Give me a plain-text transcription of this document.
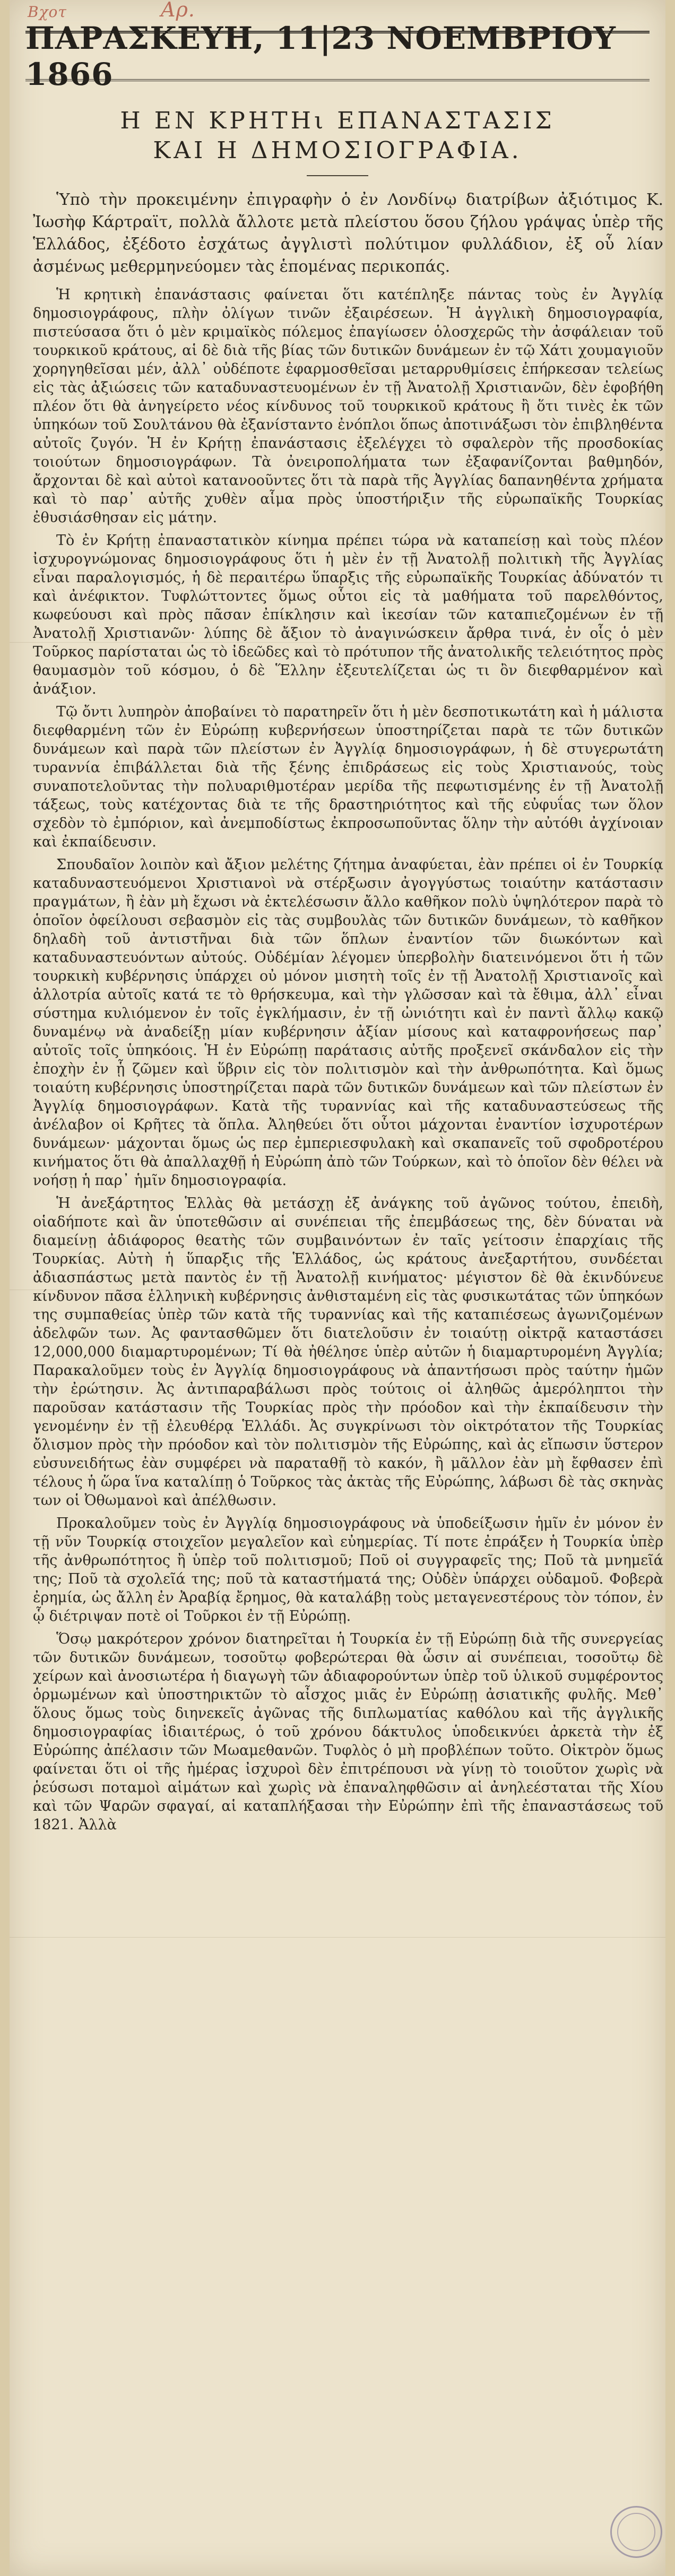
Βχοτ	Αρ.
ΠΑΡΑΣΚΕΥΗ, 11|23 ΝΟΕΜΒΡΙΟΥ 1866
Η ΕΝ ΚΡΗΤΗι ΕΠΑΝΑΣΤΑΣΙΣ
ΚΑΙ Η ΔΗΜΟΣΙΟΓΡΑΦΙΑ.

Ὑπὸ τὴν προκειμένην ἐπιγραφὴν ὁ ἐν Λονδίνῳ διατρίβων ἀξιότιμος Κ. Ἰωσὴφ Κάρτραϊτ, πολλὰ ἄλλοτε μετὰ πλείστου ὅσου ζήλου γράψας ὑπὲρ τῆς Ἑλλάδος, ἐξέδοτο ἐσχάτως ἀγγλιστὶ πολύτιμον φυλλάδιον, ἐξ οὗ λίαν ἀσμένως μεθερμηνεύομεν τὰς ἑπομένας περικοπάς.

Ἡ κρητικὴ ἐπανάστασις φαίνεται ὅτι κατέπληξε πάντας τοὺς ἐν Ἀγγλίᾳ δημοσιογράφους, πλὴν ὀλίγων τινῶν ἐξαιρέσεων. Ἡ ἀγγλικὴ δημοσιογραφία, πιστεύσασα ὅτι ὁ μὲν κριμαϊκὸς πόλεμος ἐπαγίωσεν ὁλοσχερῶς τὴν ἀσφάλειαν τοῦ τουρκικοῦ κράτους, αἱ δὲ διὰ τῆς βίας τῶν δυτικῶν δυνάμεων ἐν τῷ Χάτι χουμαγιοῦν χορηγηθεῖσαι μέν, ἀλλ᾽ οὐδέποτε ἐφαρμοσθεῖσαι μεταρρυθμίσεις ἐπήρκεσαν τελείως εἰς τὰς ἀξιώσεις τῶν καταδυναστευομένων ἐν τῇ Ἀνατολῇ Χριστιανῶν, δὲν ἐφοβήθη πλέον ὅτι θὰ ἀνηγείρετο νέος κίνδυνος τοῦ τουρκικοῦ κράτους ἢ ὅτι τινὲς ἐκ τῶν ὑπηκόων τοῦ Σουλτάνου θὰ ἐξανίσταντο ἐνόπλοι ὅπως ἀποτινάξωσι τὸν ἐπιβληθέντα αὐτοῖς ζυγόν. Ἡ ἐν Κρήτῃ ἐπανάστασις ἐξελέγχει τὸ σφαλερὸν τῆς προσδοκίας τοιούτων δημοσιογράφων. Τὰ ὀνειροπολήματα των ἐξαφανίζονται βαθμηδόν, ἄρχονται δὲ καὶ αὐτοὶ κατανοοῦντες ὅτι τὰ παρὰ τῆς Ἀγγλίας δαπανηθέντα χρήματα καὶ τὸ παρ᾽ αὐτῆς χυθὲν αἷμα πρὸς ὑποστήριξιν τῆς εὐρωπαϊκῆς Τουρκίας ἐθυσιάσθησαν εἰς μάτην.

Τὸ ἐν Κρήτῃ ἐπαναστατικὸν κίνημα πρέπει τώρα νὰ καταπείσῃ καὶ τοὺς πλέον ἰσχυρογνώμονας δημοσιογράφους ὅτι ἡ μὲν ἐν τῇ Ἀνατολῇ πολιτικὴ τῆς Ἀγγλίας εἶναι παραλογισμός, ἡ δὲ περαιτέρω ὕπαρξις τῆς εὐρωπαϊκῆς Τουρκίας ἀδύνατόν τι καὶ ἀνέφικτον. Τυφλώττοντες ὅμως οὗτοι εἰς τὰ μαθήματα τοῦ παρελθόντος, κωφεύουσι καὶ πρὸς πᾶσαν ἐπίκλησιν καὶ ἱκεσίαν τῶν καταπιεζομένων ἐν τῇ Ἀνατολῇ Χριστιανῶν· λύπης δὲ ἄξιον τὸ ἀναγινώσκειν ἄρθρα τινά, ἐν οἷς ὁ μὲν Τοῦρκος παρίσταται ὡς τὸ ἰδεῶδες καὶ τὸ πρότυπον τῆς ἀνατολικῆς τελειότητος πρὸς θαυμασμὸν τοῦ κόσμου, ὁ δὲ Ἕλλην ἐξευτελίζεται ὡς τι ὂν διεφθαρμένον καὶ ἀνάξιον.

Τῷ ὄντι λυπηρὸν ἀποβαίνει τὸ παρατηρεῖν ὅτι ἡ μὲν δεσποτικωτάτη καὶ ἡ μάλιστα διεφθαρμένη τῶν ἐν Εὐρώπῃ κυβερνήσεων ὑποστηρίζεται παρὰ τε τῶν δυτικῶν δυνάμεων καὶ παρὰ τῶν πλείστων ἐν Ἀγγλίᾳ δημοσιογράφων, ἡ δὲ στυγερωτάτη τυραννία ἐπιβάλλεται διὰ τῆς ξένης ἐπιδράσεως εἰς τοὺς Χριστιανούς, τοὺς συναποτελοῦντας τὴν πολυαριθμοτέραν μερίδα τῆς πεφωτισμένης ἐν τῇ Ἀνατολῇ τάξεως, τοὺς κατέχοντας διὰ τε τῆς δραστηριότητος καὶ τῆς εὐφυΐας των ὅλον σχεδὸν τὸ ἐμπόριον, καὶ ἀνεμποδίστως ἐκπροσωποῦντας ὅλην τὴν αὐτόθι ἀγχίνοιαν καὶ ἐκπαίδευσιν.

Σπουδαῖον λοιπὸν καὶ ἄξιον μελέτης ζήτημα ἀναφύεται, ἐὰν πρέπει οἱ ἐν Τουρκίᾳ καταδυναστευόμενοι Χριστιανοὶ νὰ στέρξωσιν ἀγογγύστως τοιαύτην κατάστασιν πραγμάτων, ἢ ἐὰν μὴ ἔχωσι νὰ ἐκτελέσωσιν ἄλλο καθῆκον πολὺ ὑψηλότερον παρὰ τὸ ὁποῖον ὀφείλουσι σεβασμὸν εἰς τὰς συμβουλὰς τῶν δυτικῶν δυνάμεων, τὸ καθῆκον δηλαδὴ τοῦ ἀντιστῆναι διὰ τῶν ὅπλων ἐναντίον τῶν διωκόντων καὶ καταδυναστευόντων αὐτούς. Οὐδέμίαν λέγομεν ὑπερβολὴν διατεινόμενοι ὅτι ἡ τῶν τουρκικὴ κυβέρνησις ὑπάρχει οὐ μόνον μισητὴ τοῖς ἐν τῇ Ἀνατολῇ Χριστιανοῖς καὶ ἀλλοτρία αὐτοῖς κατά τε τὸ θρήσκευμα, καὶ τὴν γλῶσσαν καὶ τὰ ἔθιμα, ἀλλ᾽ εἶναι σύστημα κυλιόμενον ἐν τοῖς ἐγκλήμασιν, ἐν τῇ ὠνιότητι καὶ ἐν παντὶ ἄλλῳ κακῷ δυναμένῳ νὰ ἀναδείξῃ μίαν κυβέρνησιν ἀξίαν μίσους καὶ καταφρονήσεως παρ᾽ αὐτοῖς τοῖς ὑπηκόοις. Ἡ ἐν Εὐρώπῃ παράτασις αὐτῆς προξενεῖ σκάνδαλον εἰς τὴν ἐποχὴν ἐν ᾗ ζῶμεν καὶ ὕβριν εἰς τὸν πολιτισμὸν καὶ τὴν ἀνθρωπότητα. Καὶ ὅμως τοιαύτη κυβέρνησις ὑποστηρίζεται παρὰ τῶν δυτικῶν δυνάμεων καὶ τῶν πλείστων ἐν Ἀγγλίᾳ δημοσιογράφων. Κατὰ τῆς τυραννίας καὶ τῆς καταδυναστεύσεως τῆς ἀνέλαβον οἱ Κρῆτες τὰ ὅπλα. Ἀληθεύει ὅτι οὗτοι μάχονται ἐναντίον ἰσχυροτέρων δυνάμεων· μάχονται ὅμως ὡς περ ἐμπεριεσφυλακὴ καὶ σκαπανεῖς τοῦ σφοδροτέρου κινήματος ὅτι θὰ ἀπαλλαχθῇ ἡ Εὐρώπη ἀπὸ τῶν Τούρκων, καὶ τὸ ὁποῖον δὲν θέλει νὰ νοήσῃ ἡ παρ᾽ ἡμῖν δημοσιογραφία.

Ἡ ἀνεξάρτητος Ἑλλὰς θὰ μετάσχῃ ἐξ ἀνάγκης τοῦ ἀγῶνος τούτου, ἐπειδὴ, οἱαδήποτε καὶ ἂν ὑποτεθῶσιν αἱ συνέπειαι τῆς ἐπεμβάσεως της, δὲν δύναται νὰ διαμείνῃ ἀδιάφορος θεατὴς τῶν συμβαινόντων ἐν ταῖς γείτοσιν ἐπαρχίαις τῆς Τουρκίας. Αὐτὴ ἡ ὕπαρξις τῆς Ἑλλάδος, ὡς κράτους ἀνεξαρτήτου, συνδέεται ἀδιασπάστως μετὰ παντὸς ἐν τῇ Ἀνατολῇ κινήματος· μέγιστον δὲ θὰ ἐκινδύνευε κίνδυνον πᾶσα ἑλληνικὴ κυβέρνησις ἀνθισταμένη εἰς τὰς φυσικωτάτας τῶν ὑπηκόων της συμπαθείας ὑπὲρ τῶν κατὰ τῆς τυραννίας καὶ τῆς καταπιέσεως ἀγωνιζομένων ἀδελφῶν των. Ἀς φαντασθῶμεν ὅτι διατελοῦσιν ἐν τοιαύτῃ οἰκτρᾷ καταστάσει 12,000,000 διαμαρτυρομένων; Τί θὰ ἠθέλησε ὑπὲρ αὐτῶν ἡ διαμαρτυρομένη Ἀγγλία; Παρακαλοῦμεν τοὺς ἐν Ἀγγλίᾳ δημοσιογράφους νὰ ἀπαντήσωσι πρὸς ταύτην ἡμῶν τὴν ἐρώτησιν. Ἀς ἀντιπαραβάλωσι πρὸς τούτοις οἱ ἀληθῶς ἀμερόληπτοι τὴν παροῦσαν κατάστασιν τῆς Τουρκίας πρὸς τὴν πρόοδον καὶ τὴν ἐκπαίδευσιν τὴν γενομένην ἐν τῇ ἐλευθέρᾳ Ἑλλάδι. Ἀς συγκρίνωσι τὸν οἰκτρότατον τῆς Τουρκίας ὄλισμον πρὸς τὴν πρόοδον καὶ τὸν πολιτισμὸν τῆς Εὐρώπης, καὶ ἀς εἴπωσιν ὕστερον εὐσυνειδήτως ἐὰν συμφέρει νὰ παραταθῇ τὸ κακόν, ἢ μᾶλλον ἐὰν μὴ ἔφθασεν ἐπὶ τέλους ἡ ὥρα ἵνα καταλίπῃ ὁ Τοῦρκος τὰς ἀκτὰς τῆς Εὐρώπης, λάβωσι δὲ τὰς σκηνὰς των οἱ Ὀθωμανοὶ καὶ ἀπέλθωσιν.

Προκαλοῦμεν τοὺς ἐν Ἀγγλίᾳ δημοσιογράφους νὰ ὑποδείξωσιν ἡμῖν ἐν μόνον ἐν τῇ νῦν Τουρκίᾳ στοιχεῖον μεγαλεῖον καὶ εὐημερίας. Τί ποτε ἐπράξεν ἡ Τουρκία ὑπὲρ τῆς ἀνθρωπότητος ἢ ὑπὲρ τοῦ πολιτισμοῦ; Ποῦ οἱ συγγραφεῖς της; Ποῦ τὰ μνημεῖά της; Ποῦ τὰ σχολεῖά της; ποῦ τὰ καταστήματά της; Οὐδὲν ὑπάρχει οὐδαμοῦ. Φοβερὰ ἐρημία, ὡς ἄλλη ἐν Ἀραβίᾳ ἔρημος, θὰ καταλάβῃ τοὺς μεταγενεστέρους τὸν τόπον, ἐν ᾧ διέτριψαν ποτὲ οἱ Τοῦρκοι ἐν τῇ Εὐρώπῃ.

Ὅσῳ μακρότερον χρόνον διατηρεῖται ἡ Τουρκία ἐν τῇ Εὐρώπῃ διὰ τῆς συνεργείας τῶν δυτικῶν δυνάμεων, τοσοῦτῳ φοβερώτεραι θὰ ὦσιν αἱ συνέπειαι, τοσοῦτῳ δὲ χείρων καὶ ἀνοσιωτέρα ἡ διαγωγὴ τῶν ἀδιαφορούντων ὑπὲρ τοῦ ὑλικοῦ συμφέροντος ὁρμωμένων καὶ ὑποστηρικτῶν τὸ αἶσχος μιᾶς ἐν Εὐρώπῃ ἀσιατικῆς φυλῆς. Μεθ᾽ ὅλους ὅμως τοὺς διηνεκεῖς ἀγῶνας τῆς διπλωματίας καθόλου καὶ τῆς ἀγγλικῆς δημοσιογραφίας ἰδιαιτέρως, ὁ τοῦ χρόνου δάκτυλος ὑποδεικνύει ἀρκετὰ τὴν ἐξ Εὐρώπης ἀπέλασιν τῶν Μωαμεθανῶν. Τυφλὸς ὁ μὴ προβλέπων τοῦτο. Οἰκτρὸν ὅμως φαίνεται ὅτι οἱ τῆς ἡμέρας ἰσχυροὶ δὲν ἐπιτρέπουσι νὰ γίνῃ τὸ τοιοῦτον χωρὶς νὰ ῥεύσωσι ποταμοὶ αἱμάτων καὶ χωρὶς νὰ ἐπαναληφθῶσιν αἱ ἀνηλεέσταται τῆς Χίου καὶ τῶν Ψαρῶν σφαγαί, αἱ καταπλήξασαι τὴν Εὐρώπην ἐπὶ τῆς ἐπαναστάσεως τοῦ 1821. Ἀλλὰ
